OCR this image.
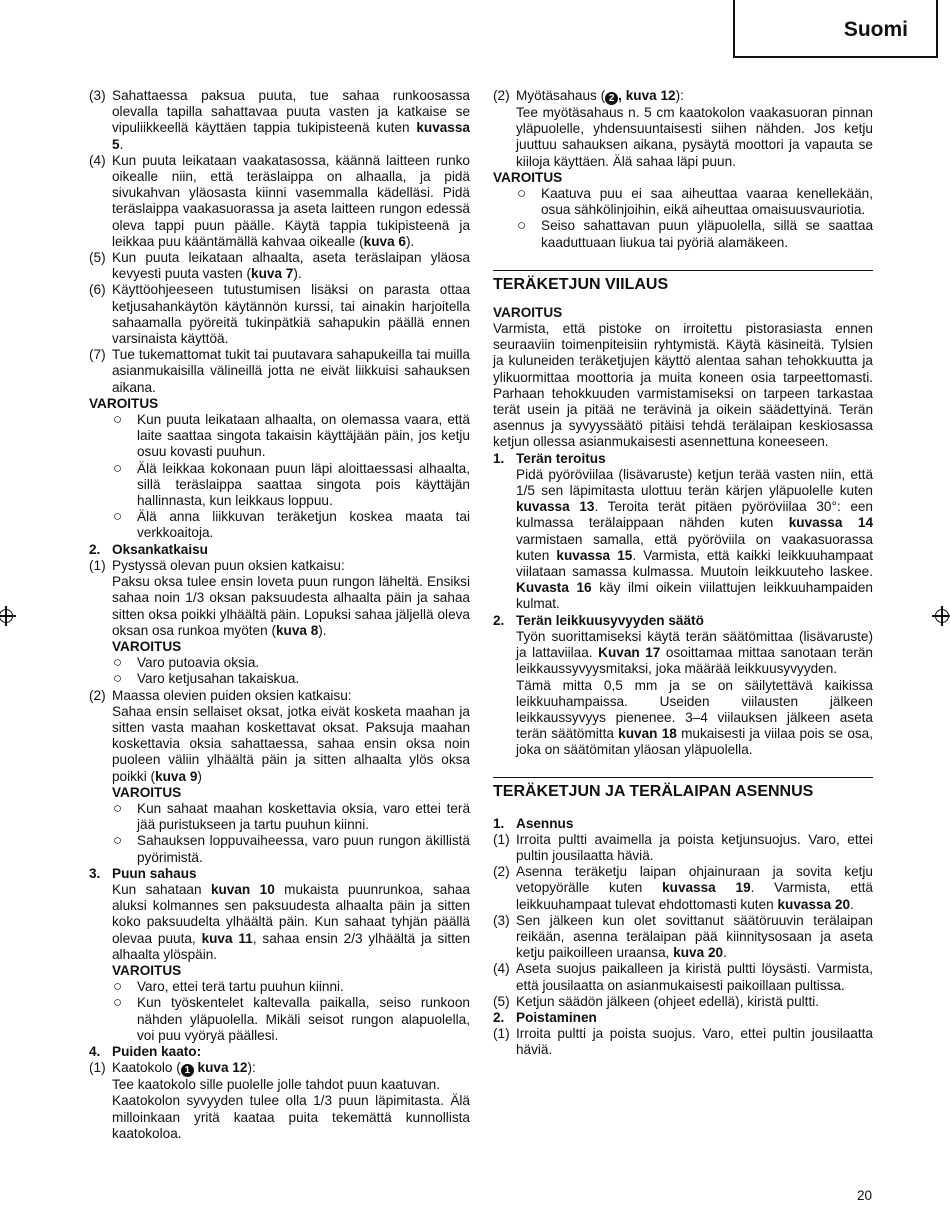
Suomi
(3) Sahattaessa paksua puuta, tue sahaa runkoosassa olevalla tapilla sahattavaa puuta vasten ja katkaise se vipuliikkeellä käyttäen tappia tukipisteenä kuten kuvassa 5.
(4) Kun puuta leikataan vaakatasossa, käännä laitteen runko oikealle niin, että teräslaippa on alhaalla, ja pidä sivukahvan yläosasta kiinni vasemmalla kädelläsi. Pidä teräslaippa vaakasuorassa ja aseta laitteen rungon edessä oleva tappi puun päälle. Käytä tappia tukipisteenä ja leikkaa puu kääntämällä kahvaa oikealle (kuva 6).
(5) Kun puuta leikataan alhaalta, aseta teräslaipan yläosa kevyesti puuta vasten (kuva 7).
(6) Käyttöohjeeseen tutustumisen lisäksi on parasta ottaa ketjusahankäytön käytännön kurssi, tai ainakin harjoitella sahaamalla pyöreitä tukinpätkiä sahapukin päällä ennen varsinaista käyttöä.
(7) Tue tukemattomat tukit tai puutavara sahapukeilla tai muilla asianmukaisilla välineillä jotta ne eivät liikkuisi sahauksen aikana.
VAROITUS
○	Kun puuta leikataan alhaalta, on olemassa vaara, että laite saattaa singota takaisin käyttäjään päin, jos ketju osuu kovasti puuhun.
○	Älä leikkaa kokonaan puun läpi aloittaessasi alhaalta, sillä teräslaippa saattaa singota pois käyttäjän hallinnasta, kun leikkaus loppuu.
○	Älä anna liikkuvan teräketjun koskea maata tai verkkoaitoja.
2. Oksankatkaisu
(1) Pystyssä olevan puun oksien katkaisu:
Paksu oksa tulee ensin loveta puun rungon läheltä. Ensiksi sahaa noin 1/3 oksan paksuudesta alhaalta päin ja sahaa sitten oksa poikki ylhäältä päin. Lopuksi sahaa jäljellä oleva oksan osa runkoa myöten (kuva 8).
VAROITUS
○	Varo putoavia oksia.
○	Varo ketjusahan takaiskua.
(2) Maassa olevien puiden oksien katkaisu:
Sahaa ensin sellaiset oksat, jotka eivät kosketa maahan ja sitten vasta maahan koskettavat oksat. Paksuja maahan koskettavia oksia sahattaessa, sahaa ensin oksa noin puoleen väliin ylhäältä päin ja sitten alhaalta ylös oksa poikki (kuva 9)
VAROITUS
○	Kun sahaat maahan koskettavia oksia, varo ettei terä jää puristukseen ja tartu puuhun kiinni.
○	Sahauksen loppuvaiheessa, varo puun rungon äkillistä pyörimistä.
3. Puun sahaus
Kun sahataan kuvan 10 mukaista puunrunkoa, sahaa aluksi kolmannes sen paksuudesta alhaalta päin ja sitten koko paksuudelta ylhäältä päin. Kun sahaat tyhjän päällä olevaa puuta, kuva 11, sahaa ensin 2/3 ylhäältä ja sitten alhaalta ylöspäin.
VAROITUS
○	Varo, ettei terä tartu puuhun kiinni.
○	Kun työskentelet kaltevalla paikalla, seiso runkoon nähden yläpuolella. Mikäli seisot rungon alapuolella, voi puu vyöryä päällesi.
4. Puiden kaato:
(1) Kaatokolo ( 1 kuva 12):
Tee kaatokolo sille puolelle jolle tahdot puun kaatuvan.
Kaatokolon syvyyden tulee olla 1/3 puun läpimitasta. Älä milloinkaan yritä kaataa puita tekemättä kunnollista kaatokoloa.
(2) Myötäsahaus ( 2 , kuva 12):
Tee myötäsahaus n. 5 cm kaatokolon vaakasuoran pinnan yläpuolelle, yhdensuuntaisesti siihen nähden. Jos ketju juuttuu sahauksen aikana, pysäytä moottori ja vapauta se kiiloja käyttäen. Älä sahaa läpi puun.
VAROITUS
○	Kaatuva puu ei saa aiheuttaa vaaraa kenellekään, osua sähkölinjoihin, eikä aiheuttaa omaisuusvauriotia.
○	Seiso sahattavan puun yläpuolella, sillä se saattaa kaaduttuaan liukua tai pyöriä alamäkeen.
TERÄKETJUN VIILAUS
VAROITUS
Varmista, että pistoke on irroitettu pistorasiasta ennen seuraaviin toimenpiteisiin ryhtymistä. Käytä käsineitä. Tylsien ja kuluneiden teräketjujen käyttö alentaa sahan tehokkuutta ja ylikuormittaa moottoria ja muita koneen osia tarpeettomasti. Parhaan tehokkuuden varmistamiseksi on tarpeen tarkastaa terät usein ja pitää ne terävinä ja oikein säädettyinä. Terän asennus ja syvyyssäätö pitäisi tehdä terälaipan keskiosassa ketjun ollessa asianmukaisesti asennettuna koneeseen.
1. Terän teroitus
Pidä pyöröviilaa (lisävaruste) ketjun terää vasten niin, että 1/5 sen läpimitasta ulottuu terän kärjen yläpuolelle kuten kuvassa 13. Teroita terät pitäen pyöröviilaa 30°: een kulmassa terälaippaan nähden kuten kuvassa 14 varmistaen samalla, että pyöröviila on vaakasuorassa kuten kuvassa 15. Varmista, että kaikki leikkuuhampaat viilataan samassa kulmassa. Muutoin leikkuuteho laskee. Kuvasta 16 käy ilmi oikein viilattujen leikkuuhampaiden kulmat.
2. Terän leikkuusyvyyden säätö
Työn suorittamiseksi käytä terän säätömittaa (lisävaruste) ja lattaviilaa. Kuvan 17 osoittamaa mittaa sanotaan terän leikkaussyvyysmitaksi, joka määrää leikkuusyvyyden.
Tämä mitta 0,5 mm ja se on säilytettävä kaikissa leikkuuhampaissa. Useiden viilausten jälkeen leikkaussyvyys pienenee. 3–4 viilauksen jälkeen aseta terän säätömitta kuvan 18 mukaisesti ja viilaa pois se osa, joka on säätömitan yläosan yläpuolella.
TERÄKETJUN JA TERÄLAIPAN ASENNUS
1. Asennus
(1) Irroita pultti avaimella ja poista ketjunsuojus. Varo, ettei pultin jousilaatta häviä.
(2) Asenna teräketju laipan ohjainuraan ja sovita ketju vetopyörälle kuten kuvassa 19. Varmista, että leikkuuhampaat tulevat ehdottomasti kuten kuvassa 20.
(3) Sen jälkeen kun olet sovittanut säätöruuvin terälaipan reikään, asenna terälaipan pää kiinnitysosaan ja aseta ketju paikoilleen uraansa, kuva 20.
(4) Aseta suojus paikalleen ja kiristä pultti löysästi. Varmista, että jousilaatta on asianmukaisesti paikoillaan pultissa.
(5) Ketjun säädön jälkeen (ohjeet edellä), kiristä pultti.
2. Poistaminen
(1) Irroita pultti ja poista suojus. Varo, ettei pultin jousilaatta häviä.
20
